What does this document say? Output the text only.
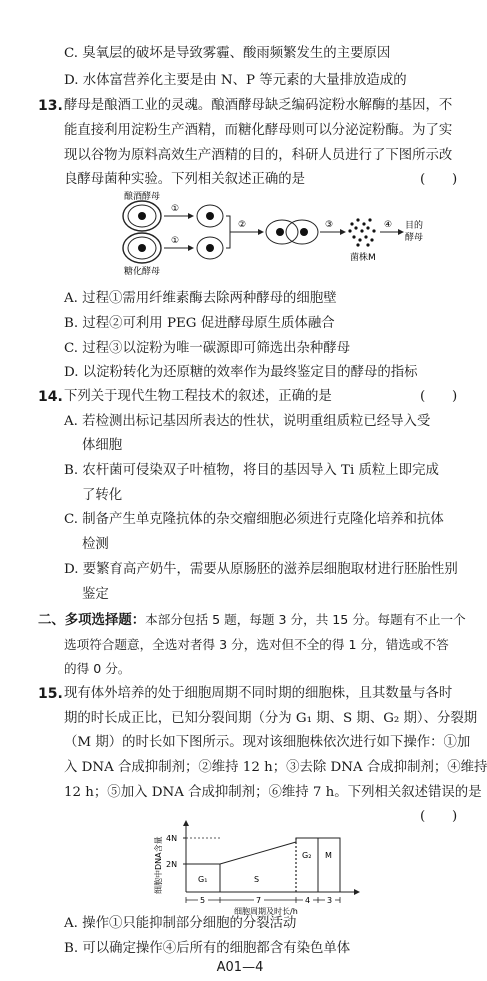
C. 臭氧层的破坏是导致雾霾、酸雨频繁发生的主要原因
D. 水体富营养化主要是由 N、P 等元素的大量排放造成的
13. 酵母是酿酒工业的灵魂。酿酒酵母缺乏编码淀粉水解酶的基因，不
能直接利用淀粉生产酒精，而糖化酵母则可以分泌淀粉酶。为了实
现以谷物为原料高效生产酒精的目的，科研人员进行了下图所示改
良酵母菌种实验。下列相关叙述正确的是	(　　)
酿酒酵母
①
①
糖化酵母
②	③
菌株M
④ 目的
酵母
A. 过程①需用纤维素酶去除两种酵母的细胞壁
B. 过程②可利用 PEG 促进酵母原生质体融合
C. 过程③以淀粉为唯一碳源即可筛选出杂种酵母
D. 以淀粉转化为还原糖的效率作为最终鉴定目的酵母的指标
14. 下列关于现代生物工程技术的叙述，正确的是	(　　)
A. 若检测出标记基因所表达的性状，说明重组质粒已经导入受
体细胞
B. 农杆菌可侵染双子叶植物，将目的基因导入 Ti 质粒上即完成
了转化
C. 制备产生单克隆抗体的杂交瘤细胞必须进行克隆化培养和抗体
检测
D. 要繁育高产奶牛，需要从原肠胚的滋养层细胞取材进行胚胎性别
鉴定
二、多项选择题：本部分包括 5 题，每题 3 分，共 15 分。每题有不止一个
选项符合题意，全选对者得 3 分，选对但不全的得 1 分，错选或不答
的得 0 分。
15. 现有体外培养的处于细胞周期不同时期的细胞株，且其数量与各时
期的时长成正比，已知分裂间期（分为 G₁ 期、S 期、G₂ 期）、分裂期
（M 期）的时长如下图所示。现对该细胞株依次进行如下操作：①加
入 DNA 合成抑制剂；②维持 12 h；③去除 DNA 合成抑制剂；④维持
12 h；⑤加入 DNA 合成抑制剂；⑥维持 7 h。下列相关叙述错误的是
(　　)
细胞中DNA含量 4N
2N
G₁	S
G₂ M
5	7	4 3
细胞周期及时长/h
A. 操作①只能抑制部分细胞的分裂活动
B. 可以确定操作④后所有的细胞都含有染色单体
A01—4
